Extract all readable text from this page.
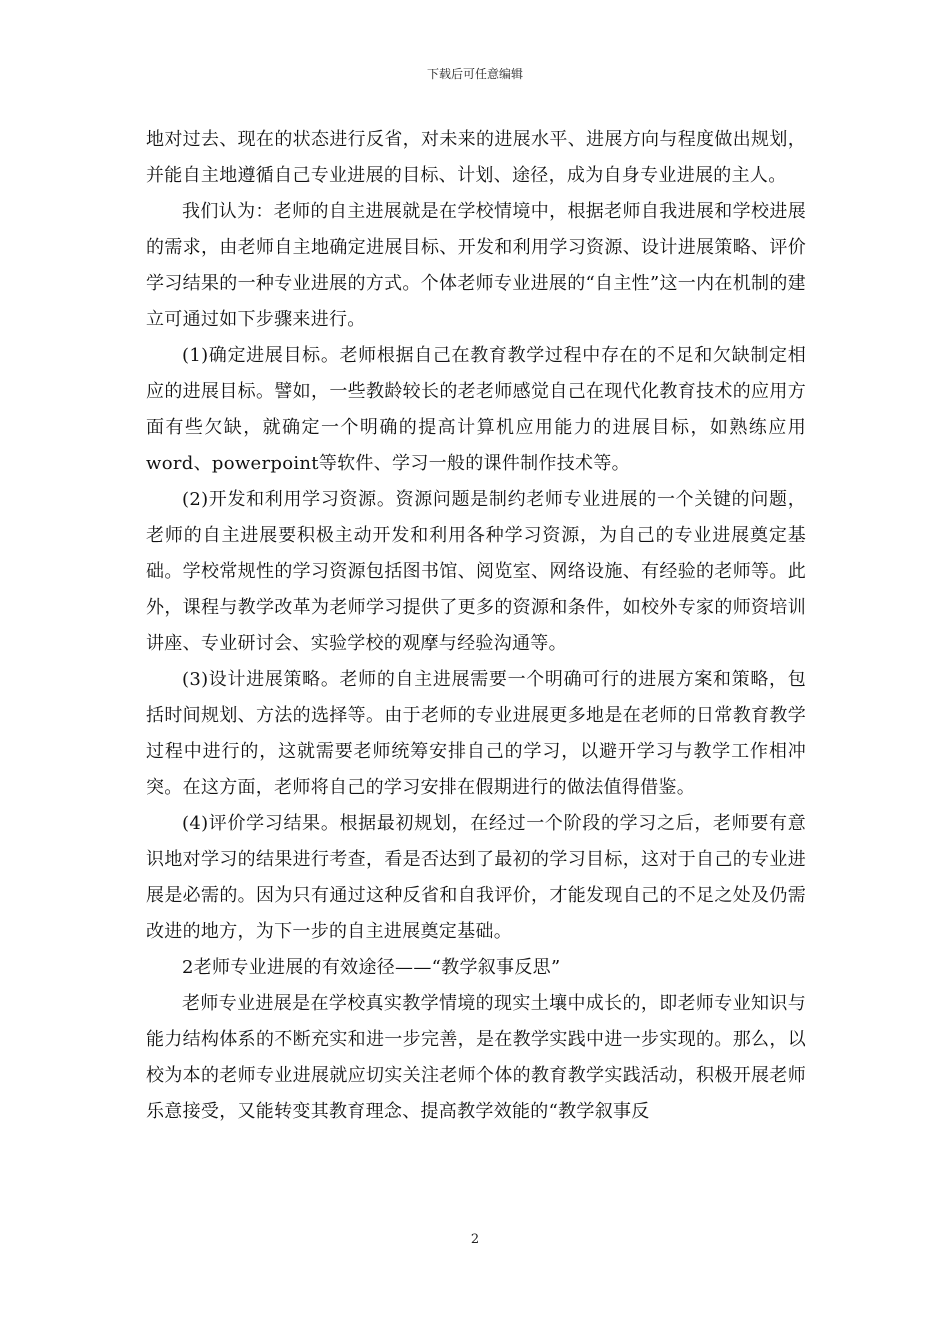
下载后可任意编辑

地对过去、现在的状态进行反省，对未来的进展水平、进展方向与程度做出规划，并能自主地遵循自己专业进展的目标、计划、途径，成为自身专业进展的主人。

我们认为：老师的自主进展就是在学校情境中，根据老师自我进展和学校进展的需求，由老师自主地确定进展目标、开发和利用学习资源、设计进展策略、评价学习结果的一种专业进展的方式。个体老师专业进展的“自主性”这一内在机制的建立可通过如下步骤来进行。

(1)确定进展目标。老师根据自己在教育教学过程中存在的不足和欠缺制定相应的进展目标。譬如，一些教龄较长的老老师感觉自己在现代化教育技术的应用方面有些欠缺，就确定一个明确的提高计算机应用能力的进展目标，如熟练应用word、powerpoint等软件、学习一般的课件制作技术等。

(2)开发和利用学习资源。资源问题是制约老师专业进展的一个关键的问题，老师的自主进展要积极主动开发和利用各种学习资源，为自己的专业进展奠定基础。学校常规性的学习资源包括图书馆、阅览室、网络设施、有经验的老师等。此外，课程与教学改革为老师学习提供了更多的资源和条件，如校外专家的师资培训讲座、专业研讨会、实验学校的观摩与经验沟通等。

(3)设计进展策略。老师的自主进展需要一个明确可行的进展方案和策略，包括时间规划、方法的选择等。由于老师的专业进展更多地是在老师的日常教育教学过程中进行的，这就需要老师统筹安排自己的学习，以避开学习与教学工作相冲突。在这方面，老师将自己的学习安排在假期进行的做法值得借鉴。

(4)评价学习结果。根据最初规划，在经过一个阶段的学习之后，老师要有意识地对学习的结果进行考查，看是否达到了最初的学习目标，这对于自己的专业进展是必需的。因为只有通过这种反省和自我评价，才能发现自己的不足之处及仍需改进的地方，为下一步的自主进展奠定基础。

2老师专业进展的有效途径——“教学叙事反思”

老师专业进展是在学校真实教学情境的现实土壤中成长的，即老师专业知识与能力结构体系的不断充实和进一步完善，是在教学实践中进一步实现的。那么，以校为本的老师专业进展就应切实关注老师个体的教育教学实践活动，积极开展老师乐意接受，又能转变其教育理念、提高教学效能的“教学叙事反

2
